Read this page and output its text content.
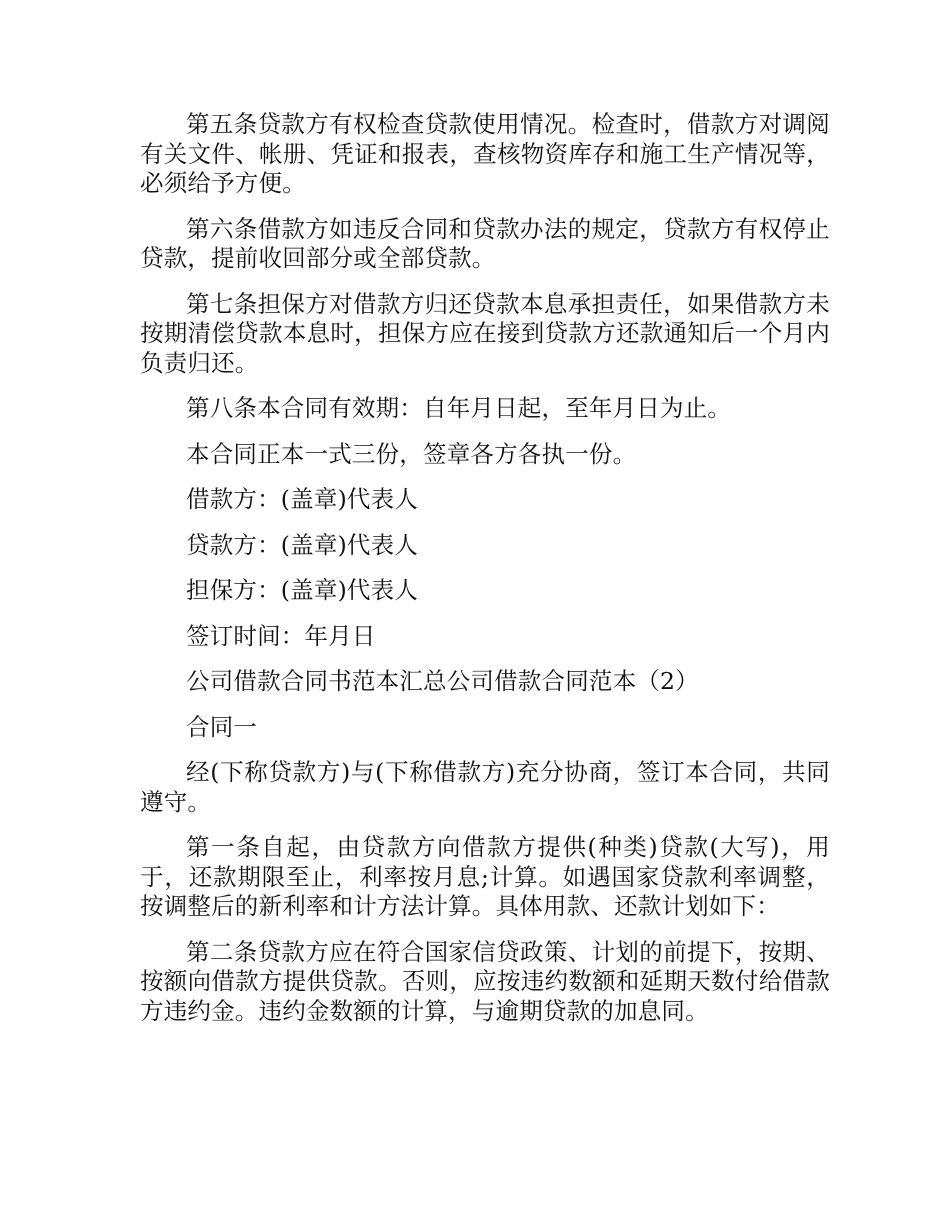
第五条贷款方有权检查贷款使用情况。检查时，借款方对调阅有关文件、帐册、凭证和报表，查核物资库存和施工生产情况等，必须给予方便。

第六条借款方如违反合同和贷款办法的规定，贷款方有权停止贷款，提前收回部分或全部贷款。

第七条担保方对借款方归还贷款本息承担责任，如果借款方未按期清偿贷款本息时，担保方应在接到贷款方还款通知后一个月内负责归还。

第八条本合同有效期：自年月日起，至年月日为止。

本合同正本一式三份，签章各方各执一份。

借款方：(盖章)代表人

贷款方：(盖章)代表人

担保方：(盖章)代表人

签订时间：年月日

公司借款合同书范本汇总公司借款合同范本（2）

合同一

经(下称贷款方)与(下称借款方)充分协商，签订本合同，共同遵守。

第一条自起，由贷款方向借款方提供(种类)贷款(大写)，用于，还款期限至止，利率按月息;计算。如遇国家贷款利率调整，按调整后的新利率和计方法计算。具体用款、还款计划如下：

第二条贷款方应在符合国家信贷政策、计划的前提下，按期、按额向借款方提供贷款。否则，应按违约数额和延期天数付给借款方违约金。违约金数额的计算，与逾期贷款的加息同。
